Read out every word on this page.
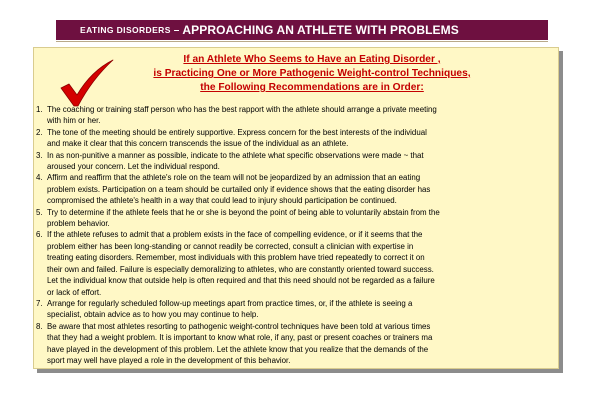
EATING DISORDERS – APPROACHING AN ATHLETE WITH PROBLEMS
If an Athlete Who Seems to Have an Eating Disorder ,
is Practicing One or More Pathogenic Weight-control Techniques,
the Following Recommendations are in Order:
1. The coaching or training staff person who has the best rapport with the athlete should arrange a private meeting
with him or her.
2. The tone of the meeting should be entirely supportive. Express concern for the best interests of the individual
and make it clear that this concern transcends the issue of the individual as an athlete.
3. In as non-punitive a manner as possible, indicate to the athlete what specific observations were made ~ that
aroused your concern. Let the individual respond.
4. Affirm and reaffirm that the athlete's role on the team will not be jeopardized by an admission that an eating
problem exists. Participation on a team should be curtailed only if evidence shows that the eating disorder has
compromised the athlete's health in a way that could lead to injury should participation be continued.
5. Try to determine if the athlete feels that he or she is beyond the point of being able to voluntarily abstain from the
problem behavior.
6. If the athlete refuses to admit that a problem exists in the face of compelling evidence, or if it seems that the
problem either has been long-standing or cannot readily be corrected, consult a clinician with expertise in
treating eating disorders. Remember, most individuals with this problem have tried repeatedly to correct it on
their own and failed. Failure is especially demoralizing to athletes, who are constantly oriented toward success.
Let the individual know that outside help is often required and that this need should not be regarded as a failure
or lack of effort.
7. Arrange for regularly scheduled follow-up meetings apart from practice times, or, if the athlete is seeing a
specialist, obtain advice as to how you may continue to help.
8. Be aware that most athletes resorting to pathogenic weight-control techniques have been told at various times
that they had a weight problem. It is important to know what role, if any, past or present coaches or trainers ma
have played in the development of this problem. Let the athlete know that you realize that the demands of the
sport may well have played a role in the development of this behavior.
